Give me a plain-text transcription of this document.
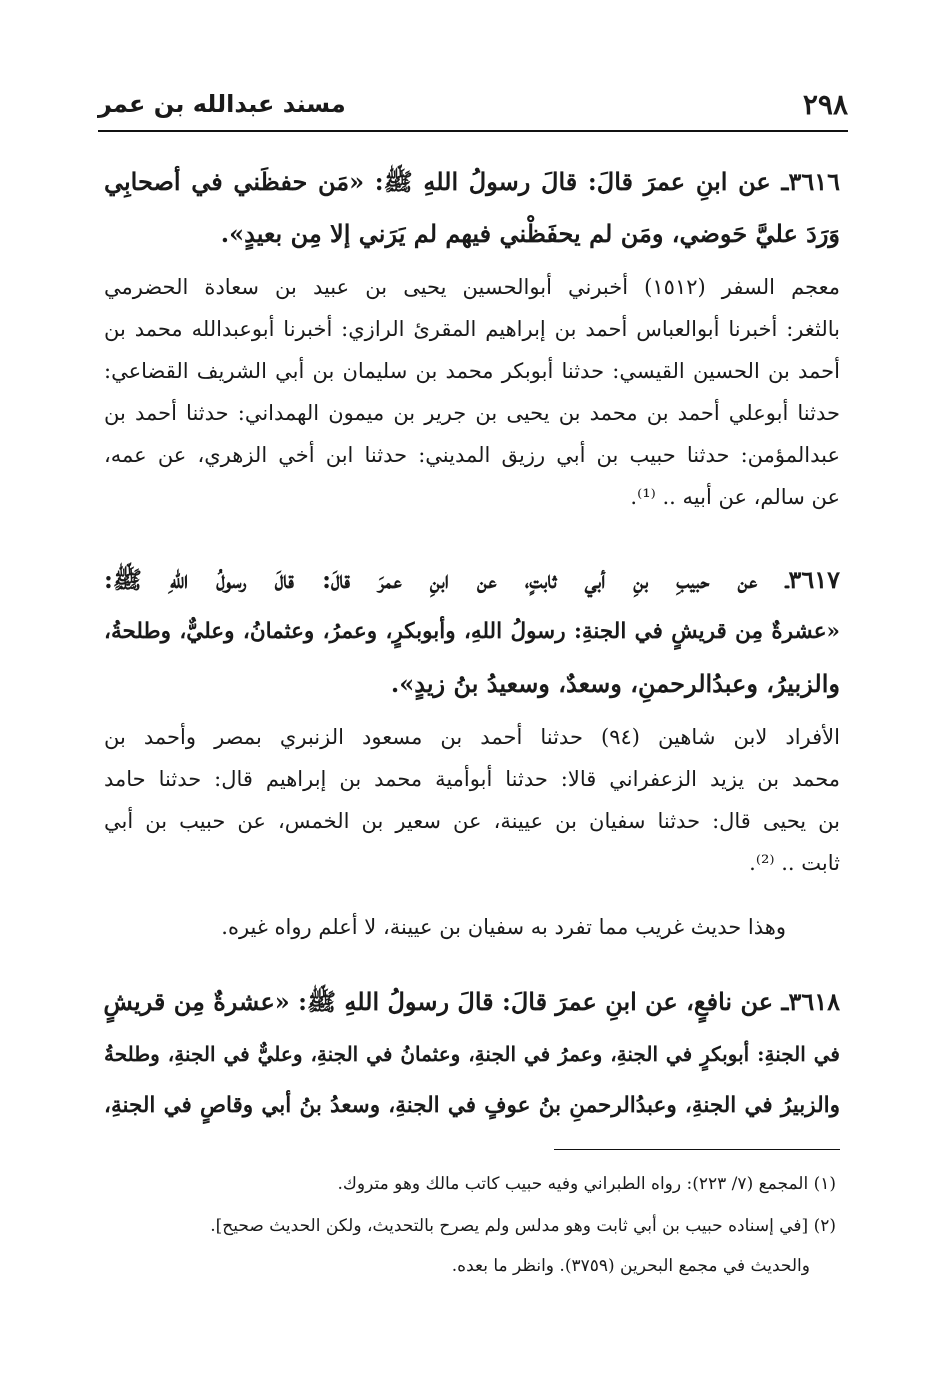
٢٩٨
مسند عبدالله بن عمر
٣٦١٦ـ عن ابنِ عمرَ قالَ: قالَ رسولُ اللهِ ﷺ: «مَن حفظَني في أصحابِي
وَرَدَ عليَّ حَوضي، ومَن لم يحفَظْني فيهم لم يَرَني إلا مِن بعيدٍ».
معجم السفر (١٥١٢) أخبرني أبوالحسين يحيى بن عبيد بن سعادة الحضرمي
بالثغر: أخبرنا أبوالعباس أحمد بن إبراهيم المقرئ الرازي: أخبرنا أبوعبدالله محمد بن
أحمد بن الحسين القيسي: حدثنا أبوبكر محمد بن سليمان بن أبي الشريف القضاعي:
حدثنا أبوعلي أحمد بن محمد بن يحيى بن جرير بن ميمون الهمداني: حدثنا أحمد بن
عبدالمؤمن: حدثنا حبيب بن أبي رزيق المديني: حدثنا ابن أخي الزهري، عن عمه،
عن سالم، عن أبيه .. ⁽¹⁾.
٣٦١٧ـ عن حبيبِ بنِ أبي ثابتٍ، عن ابنِ عمرَ قالَ: قالَ رسولُ اللهِ ﷺ:
«عشرةٌ مِن قريشٍ في الجنةِ: رسولُ اللهِ، وأبوبكرٍ، وعمرُ، وعثمانُ، وعليٌّ، وطلحةُ،
والزبيرُ، وعبدُالرحمنِ، وسعدٌ، وسعيدُ بنُ زيدٍ».
الأفراد لابن شاهين (٩٤) حدثنا أحمد بن مسعود الزنبري بمصر وأحمد بن
محمد بن يزيد الزعفراني قالا: حدثنا أبوأمية محمد بن إبراهيم قال: حدثنا حامد
بن يحيى قال: حدثنا سفيان بن عيينة، عن سعير بن الخمس، عن حبيب بن أبي
ثابت .. ⁽²⁾.
وهذا حديث غريب مما تفرد به سفيان بن عيينة، لا أعلم رواه غيره.
٣٦١٨ـ عن نافعٍ، عن ابنِ عمرَ قالَ: قالَ رسولُ اللهِ ﷺ: «عشرةٌ مِن قريشٍ
في الجنةِ: أبوبكرٍ في الجنةِ، وعمرُ في الجنةِ، وعثمانُ في الجنةِ، وعليٌّ في الجنةِ، وطلحةُ
والزبيرُ في الجنةِ، وعبدُالرحمنِ بنُ عوفٍ في الجنةِ، وسعدُ بنُ أبي وقاصٍ في الجنةِ،
(١) المجمع (٧/ ٢٢٣): رواه الطبراني وفيه حبيب كاتب مالك وهو متروك.
(٢) [في إسناده حبيب بن أبي ثابت وهو مدلس ولم يصرح بالتحديث، ولكن الحديث صحيح].
والحديث في مجمع البحرين (٣٧٥٩). وانظر ما بعده.
